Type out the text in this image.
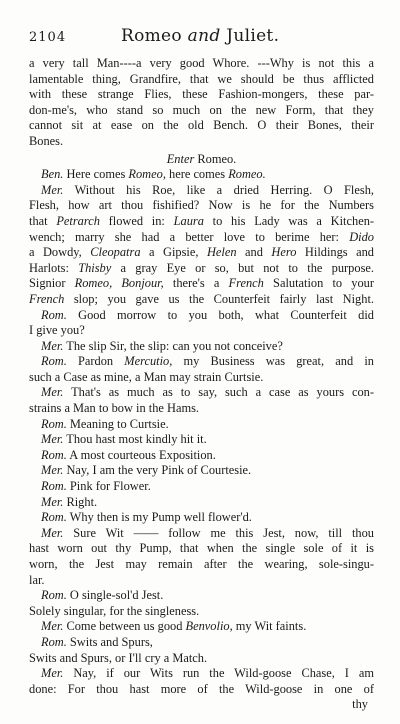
2104	Romeo and Juliet.
a very tall Man----a very good Whore. ---Why is not this a
lamentable thing, Grandfire, that we should be thus afflicted
with these strange Flies, these Fashion-mongers, these par-
don-me's, who stand so much on the new Form, that they
cannot sit at ease on the old Bench. O their Bones, their
Bones.
Enter Romeo.
Ben. Here comes Romeo, here comes Romeo.
Mer. Without his Roe, like a dried Herring. O Flesh,
Flesh, how art thou fishified? Now is he for the Numbers
that Petrarch flowed in: Laura to his Lady was a Kitchen-
wench; marry she had a better love to berime her: Dido
a Dowdy, Cleopatra a Gipsie, Helen and Hero Hildings and
Harlots: Thisby a gray Eye or so, but not to the purpose.
Signior Romeo, Bonjour, there's a French Salutation to your
French slop; you gave us the Counterfeit fairly last Night.
Rom. Good morrow to you both, what Counterfeit did
I give you?
Mer. The slip Sir, the slip: can you not conceive?
Rom. Pardon Mercutio, my Business was great, and in
such a Case as mine, a Man may strain Curtsie.
Mer. That's as much as to say, such a case as yours con-
strains a Man to bow in the Hams.
Rom. Meaning to Curtsie.
Mer. Thou hast most kindly hit it.
Rom. A most courteous Exposition.
Mer. Nay, I am the very Pink of Courtesie.
Rom. Pink for Flower.
Mer. Right.
Rom. Why then is my Pump well flower'd.
Mer. Sure Wit —— follow me this Jest, now, till thou
hast worn out thy Pump, that when the single sole of it is
worn, the Jest may remain after the wearing, sole-singu-
lar.
Rom. O single-sol'd Jest.
Solely singular, for the singleness.
Mer. Come between us good Benvolio, my Wit faints.
Rom. Swits and Spurs,
Swits and Spurs, or I'll cry a Match.
Mer. Nay, if our Wits run the Wild-goose Chase, I am
done: For thou hast more of the Wild-goose in one of
thy
